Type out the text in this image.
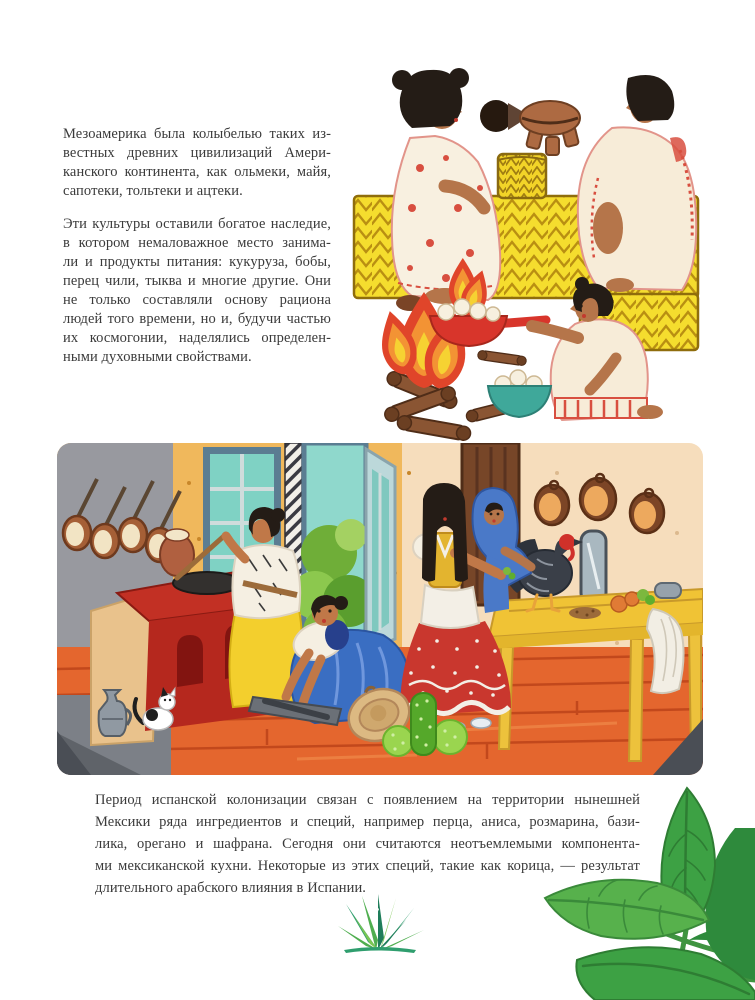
Мезоамерика была колыбелью таких из-
вестных древних цивилизаций Амери-
канского континента, как ольмеки, майя,
сапотеки, тольтеки и ацтеки.

Эти культуры оставили богатое наследие,
в котором немаловажное место занима-
ли и продукты питания: кукуруза, бобы,
перец чили, тыква и многие другие. Они
не только составляли основу рациона
людей того времени, но и, будучи частью
их космогонии, наделялись определен-
ными духовными свойствами.

Период испанской колонизации связан с появлением на территории нынешней
Мексики ряда ингредиентов и специй, например перца, аниса, розмарина, бази-
лика, орегано и шафрана. Сегодня они считаются неотъемлемыми компонента-
ми мексиканской кухни. Некоторые из этих специй, такие как корица, — результат
длительного арабского влияния в Испании.

7
